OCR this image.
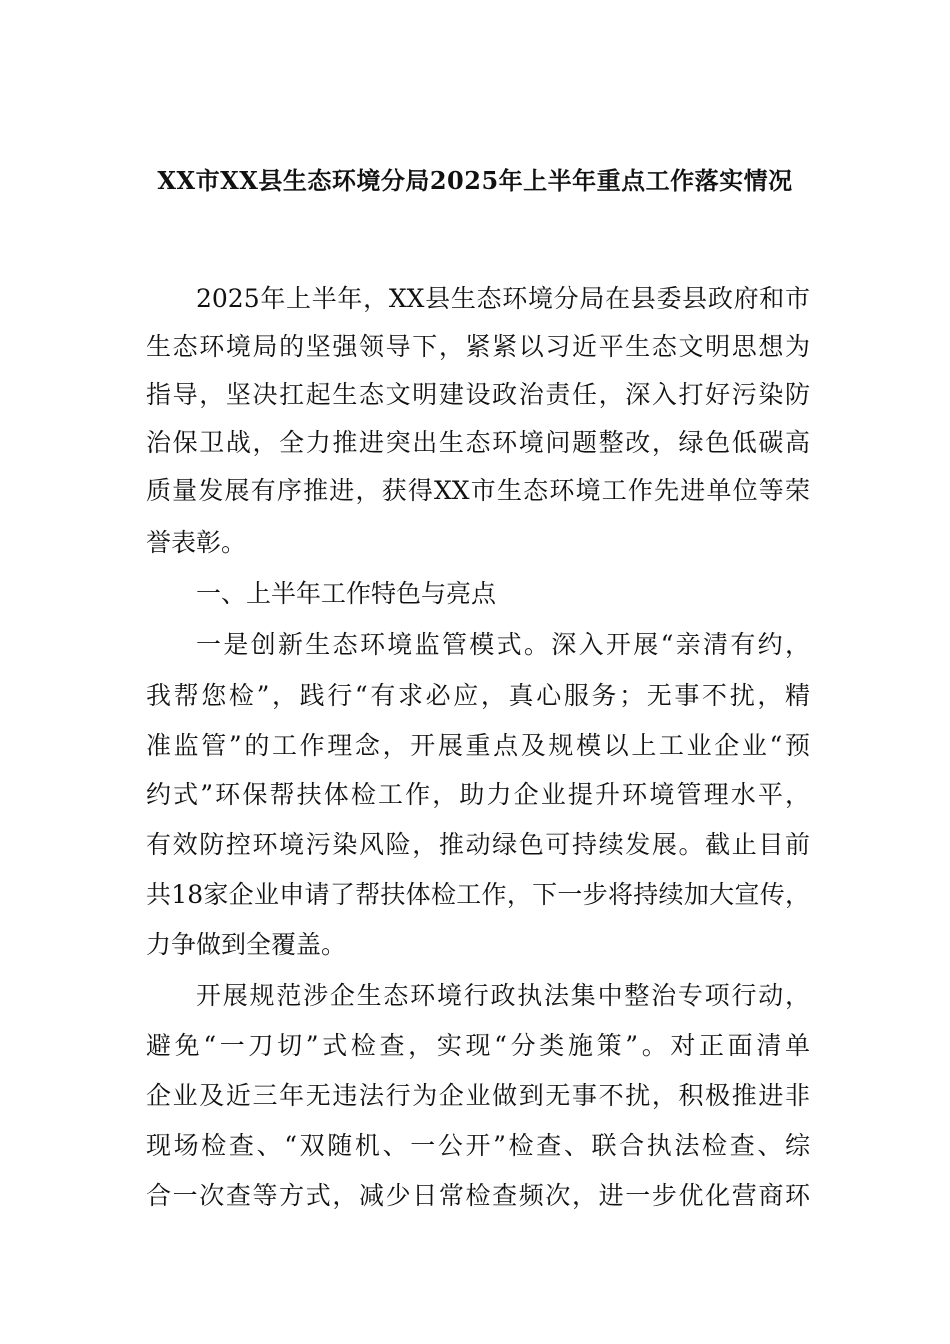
XX市XX县生态环境分局2025年上半年重点工作落实情况

2025年上半年，XX县生态环境分局在县委县政府和市

生态环境局的坚强领导下，紧紧以习近平生态文明思想为

指导，坚决扛起生态文明建设政治责任，深入打好污染防

治保卫战，全力推进突出生态环境问题整改，绿色低碳高

质量发展有序推进，获得XX市生态环境工作先进单位等荣

誉表彰。

一、上半年工作特色与亮点

一是创新生态环境监管模式。深入开展“亲清有约，

我帮您检”，践行“有求必应，真心服务；无事不扰，精

准监管”的工作理念，开展重点及规模以上工业企业“预

约式”环保帮扶体检工作，助力企业提升环境管理水平，

有效防控环境污染风险，推动绿色可持续发展。截止目前

共18家企业申请了帮扶体检工作，下一步将持续加大宣传，

力争做到全覆盖。

开展规范涉企生态环境行政执法集中整治专项行动，

避免“一刀切”式检查，实现“分类施策”。对正面清单

企业及近三年无违法行为企业做到无事不扰，积极推进非

现场检查、“双随机、一公开”检查、联合执法检查、综

合一次查等方式，减少日常检查频次，进一步优化营商环
